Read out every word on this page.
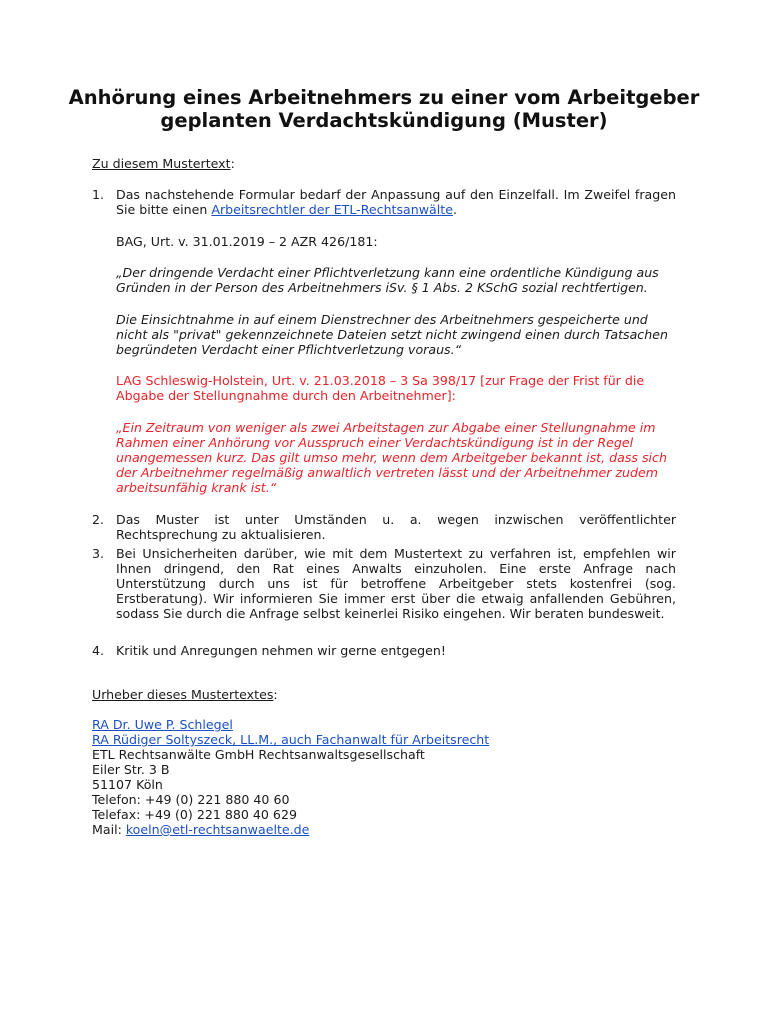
Anhörung eines Arbeitnehmers zu einer vom Arbeitgeber
geplanten Verdachtskündigung (Muster)
Zu diesem Mustertext:
1. Das nachstehende Formular bedarf der Anpassung auf den Einzelfall. Im Zweifel fragen Sie bitte einen Arbeitsrechtler der ETL-Rechtsanwälte.
BAG, Urt. v. 31.01.2019 – 2 AZR 426/181:
„Der dringende Verdacht einer Pflichtverletzung kann eine ordentliche Kündigung aus Gründen in der Person des Arbeitnehmers iSv. § 1 Abs. 2 KSchG sozial rechtfertigen.
Die Einsichtnahme in auf einem Dienstrechner des Arbeitnehmers gespeicherte und nicht als "privat" gekennzeichnete Dateien setzt nicht zwingend einen durch Tatsachen begründeten Verdacht einer Pflichtverletzung voraus.“
LAG Schleswig-Holstein, Urt. v. 21.03.2018 – 3 Sa 398/17 [zur Frage der Frist für die Abgabe der Stellungnahme durch den Arbeitnehmer]:
„Ein Zeitraum von weniger als zwei Arbeitstagen zur Abgabe einer Stellungnahme im Rahmen einer Anhörung vor Ausspruch einer Verdachtskündigung ist in der Regel unangemessen kurz. Das gilt umso mehr, wenn dem Arbeitgeber bekannt ist, dass sich der Arbeitnehmer regelmäßig anwaltlich vertreten lässt und der Arbeitnehmer zudem arbeitsunfähig krank ist.“
2. Das Muster ist unter Umständen u. a. wegen inzwischen veröffentlichter Rechtsprechung zu aktualisieren.
3. Bei Unsicherheiten darüber, wie mit dem Mustertext zu verfahren ist, empfehlen wir Ihnen dringend, den Rat eines Anwalts einzuholen. Eine erste Anfrage nach Unterstützung durch uns ist für betroffene Arbeitgeber stets kostenfrei (sog. Erstberatung). Wir informieren Sie immer erst über die etwaig anfallenden Gebühren, sodass Sie durch die Anfrage selbst keinerlei Risiko eingehen. Wir beraten bundesweit.
4. Kritik und Anregungen nehmen wir gerne entgegen!
Urheber dieses Mustertextes:
RA Dr. Uwe P. Schlegel
RA Rüdiger Soltyszeck, LL.M., auch Fachanwalt für Arbeitsrecht
ETL Rechtsanwälte GmbH Rechtsanwaltsgesellschaft
Eiler Str. 3 B
51107 Köln
Telefon: +49 (0) 221 880 40 60
Telefax: +49 (0) 221 880 40 629
Mail: koeln@etl-rechtsanwaelte.de
